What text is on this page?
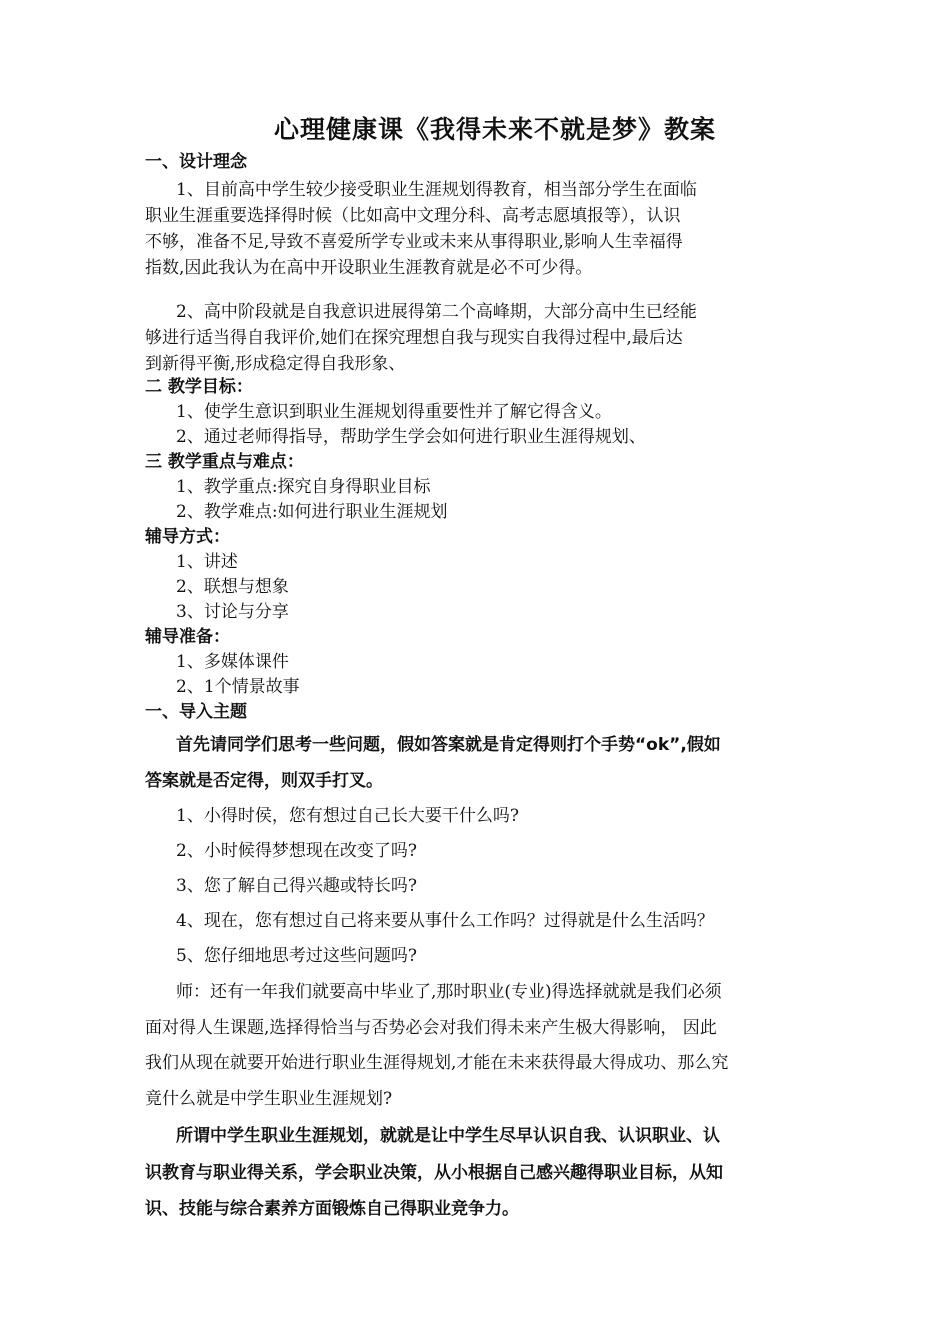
心理健康课《我得未来不就是梦》教案
一、设计理念
1、目前高中学生较少接受职业生涯规划得教育，相当部分学生在面临
职业生涯重要选择得时候（比如高中文理分科、高考志愿填报等），认识
不够，准备不足,导致不喜爱所学专业或未来从事得职业,影响人生幸福得
指数,因此我认为在高中开设职业生涯教育就是必不可少得。
2、高中阶段就是自我意识进展得第二个高峰期，大部分高中生已经能
够进行适当得自我评价,她们在探究理想自我与现实自我得过程中,最后达
到新得平衡,形成稳定得自我形象、
二 教学目标：
1、使学生意识到职业生涯规划得重要性并了解它得含义。
2、通过老师得指导，帮助学生学会如何进行职业生涯得规划、
三 教学重点与难点：
1、教学重点:探究自身得职业目标
2、教学难点:如何进行职业生涯规划
辅导方式：
1、讲述
2、联想与想象
3、讨论与分享
辅导准备：
1、多媒体课件
2、1个情景故事
一、导入主题
首先请同学们思考一些问题，假如答案就是肯定得则打个手势“ok”,假如
答案就是否定得，则双手打叉。
1、小得时侯，您有想过自己长大要干什么吗?
2、小时候得梦想现在改变了吗?
3、您了解自己得兴趣或特长吗?
4、现在，您有想过自己将来要从事什么工作吗？过得就是什么生活吗？
5、您仔细地思考过这些问题吗?
师：还有一年我们就要高中毕业了,那时职业(专业)得选择就就是我们必须
面对得人生课题,选择得恰当与否势必会对我们得未来产生极大得影响， 因此
我们从现在就要开始进行职业生涯得规划,才能在未来获得最大得成功、那么究
竟什么就是中学生职业生涯规划?
所谓中学生职业生涯规划，就就是让中学生尽早认识自我、认识职业、认
识教育与职业得关系，学会职业决策，从小根据自己感兴趣得职业目标，从知
识、技能与综合素养方面锻炼自己得职业竞争力。
